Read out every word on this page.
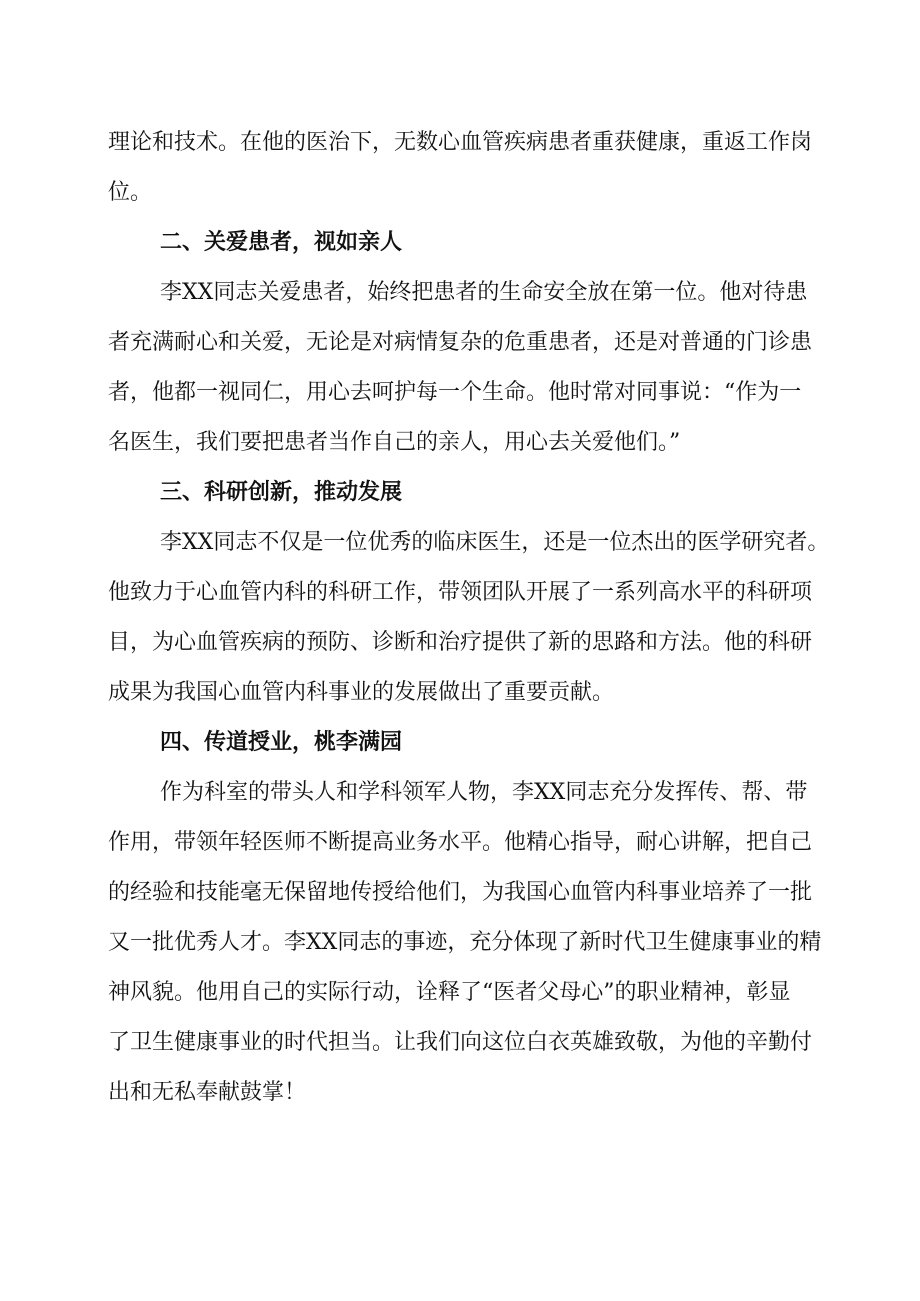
理论和技术。在他的医治下，无数心血管疾病患者重获健康，重返工作岗
位。
二、关爱患者，视如亲人
李XX同志关爱患者，始终把患者的生命安全放在第一位。他对待患
者充满耐心和关爱，无论是对病情复杂的危重患者，还是对普通的门诊患
者，他都一视同仁，用心去呵护每一个生命。他时常对同事说：“作为一
名医生，我们要把患者当作自己的亲人，用心去关爱他们。”
三、科研创新，推动发展
李XX同志不仅是一位优秀的临床医生，还是一位杰出的医学研究者。
他致力于心血管内科的科研工作，带领团队开展了一系列高水平的科研项
目，为心血管疾病的预防、诊断和治疗提供了新的思路和方法。他的科研
成果为我国心血管内科事业的发展做出了重要贡献。
四、传道授业，桃李满园
作为科室的带头人和学科领军人物，李XX同志充分发挥传、帮、带
作用，带领年轻医师不断提高业务水平。他精心指导，耐心讲解，把自己
的经验和技能毫无保留地传授给他们，为我国心血管内科事业培养了一批
又一批优秀人才。李XX同志的事迹，充分体现了新时代卫生健康事业的精
神风貌。他用自己的实际行动，诠释了“医者父母心”的职业精神，彰显
了卫生健康事业的时代担当。让我们向这位白衣英雄致敬，为他的辛勤付
出和无私奉献鼓掌！
